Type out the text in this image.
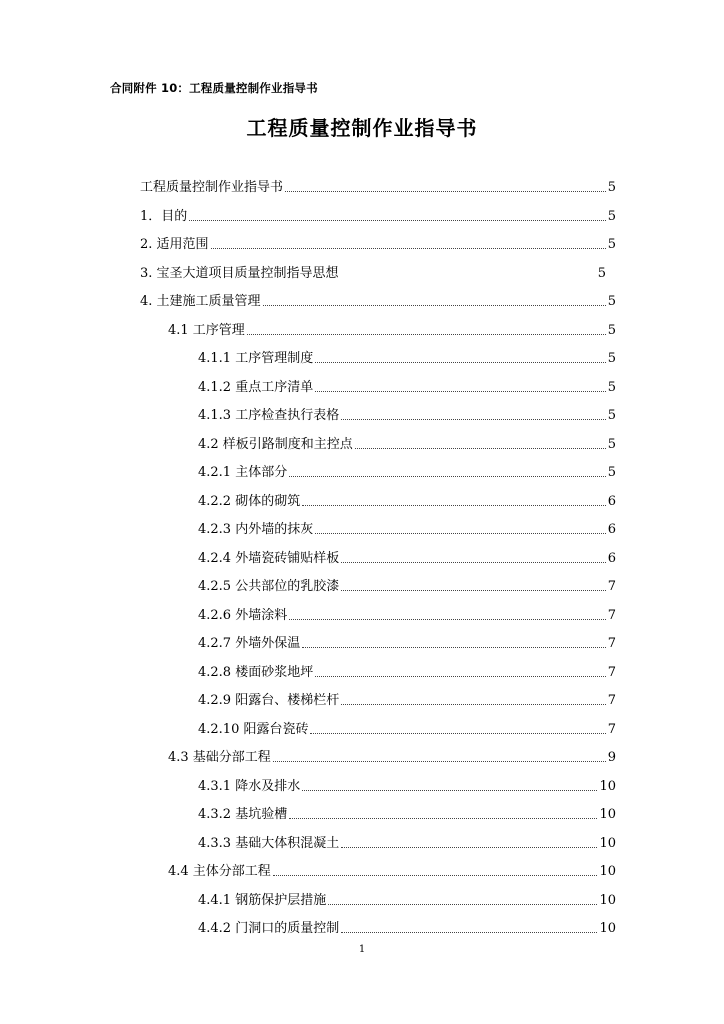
合同附件 10：工程质量控制作业指导书
工程质量控制作业指导书
工程质量控制作业指导书	5
1．目的	5
2. 适用范围	5
3. 宝圣大道项目质量控制指导思想	5
4. 土建施工质量管理	5
4.1 工序管理	5
4.1.1 工序管理制度	5
4.1.2 重点工序清单	5
4.1.3 工序检查执行表格	5
4.2 样板引路制度和主控点	5
4.2.1 主体部分	5
4.2.2 砌体的砌筑	6
4.2.3 内外墙的抹灰	6
4.2.4 外墙瓷砖铺贴样板	6
4.2.5 公共部位的乳胶漆	7
4.2.6 外墙涂料	7
4.2.7 外墙外保温	7
4.2.8 楼面砂浆地坪	7
4.2.9 阳露台、楼梯栏杆	7
4.2.10 阳露台瓷砖	7
4.3 基础分部工程	9
4.3.1 降水及排水	10
4.3.2 基坑验槽	10
4.3.3 基础大体积混凝土	10
4.4 主体分部工程	10
4.4.1 钢筋保护层措施	10
4.4.2 门洞口的质量控制	10
1
